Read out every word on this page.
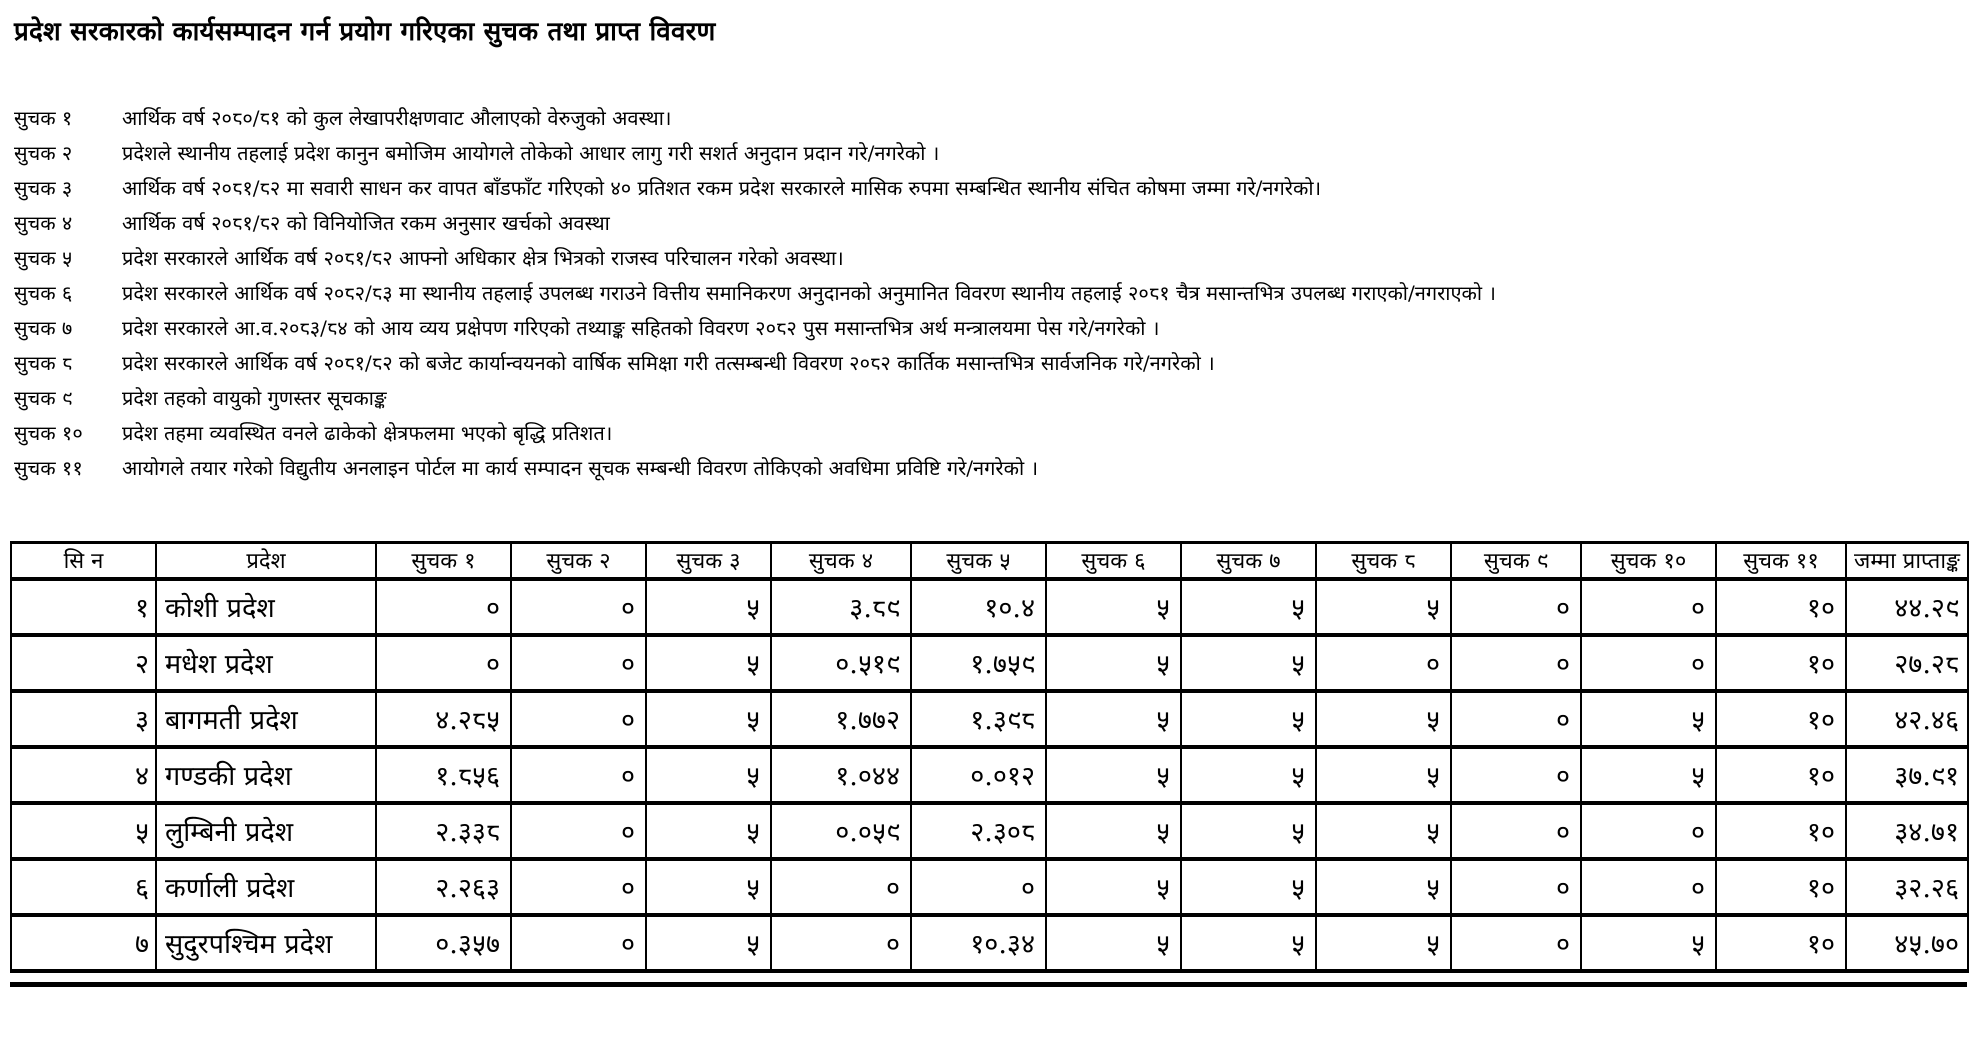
प्रदेश सरकारको कार्यसम्पादन गर्न प्रयोग गरिएका सुचक तथा प्राप्त विवरण
सुचक १	आर्थिक वर्ष २०८०/८१ को कुल लेखापरीक्षणवाट औलाएको वेरुजुको अवस्था।
सुचक २	प्रदेशले स्थानीय तहलाई प्रदेश कानुन बमोजिम आयोगले तोकेको आधार लागु गरी सशर्त अनुदान प्रदान गरे/नगरेको ।
सुचक ३	आर्थिक वर्ष २०८१/८२ मा सवारी साधन कर वापत बाँडफाँट गरिएको ४० प्रतिशत रकम प्रदेश सरकारले मासिक रुपमा सम्बन्धित स्थानीय संचित कोषमा जम्मा गरे/नगरेको।
सुचक ४	आर्थिक वर्ष २०८१/८२ को विनियोजित रकम अनुसार खर्चको अवस्था
सुचक ५	प्रदेश सरकारले आर्थिक वर्ष २०८१/८२ आफ्नो अधिकार क्षेत्र भित्रको राजस्व परिचालन गरेको अवस्था।
सुचक ६	प्रदेश सरकारले आर्थिक वर्ष २०८२/८३ मा स्थानीय तहलाई उपलब्ध गराउने वित्तीय समानिकरण अनुदानको अनुमानित विवरण स्थानीय तहलाई २०८१ चैत्र मसान्तभित्र उपलब्ध गराएको/नगराएको ।
सुचक ७	प्रदेश सरकारले आ.व.२०८३/८४ को आय व्यय प्रक्षेपण गरिएको तथ्याङ्क सहितको विवरण २०८२ पुस मसान्तभित्र अर्थ मन्त्रालयमा पेस गरे/नगरेको ।
सुचक ८	प्रदेश सरकारले आर्थिक वर्ष २०८१/८२ को बजेट कार्यान्वयनको वार्षिक समिक्षा गरी तत्सम्बन्धी विवरण २०८२ कार्तिक मसान्तभित्र सार्वजनिक गरे/नगरेको ।
सुचक ९	प्रदेश तहको वायुको गुणस्तर सूचकाङ्क
सुचक १०	प्रदेश तहमा व्यवस्थित वनले ढाकेको क्षेत्रफलमा भएको बृद्धि प्रतिशत।
सुचक ११	आयोगले तयार गरेको विद्युतीय अनलाइन पोर्टल मा कार्य सम्पादन सूचक सम्बन्धी विवरण तोकिएको अवधिमा प्रविष्टि गरे/नगरेको ।
सि न	प्रदेश	सुचक १	सुचक २	सुचक ३	सुचक ४	सुचक ५	सुचक ६	सुचक ७	सुचक ८	सुचक ९	सुचक १०	सुचक ११	जम्मा प्राप्ताङ्क
१	कोशी प्रदेश	०	०	५	३.८९	१०.४	५	५	५	०	०	१०	४४.२९
२	मधेश प्रदेश	०	०	५	०.५१९	१.७५९	५	५	०	०	०	१०	२७.२८
३	बागमती प्रदेश	४.२८५	०	५	१.७७२	१.३९८	५	५	५	०	५	१०	४२.४६
४	गण्डकी प्रदेश	१.८५६	०	५	१.०४४	०.०१२	५	५	५	०	५	१०	३७.९१
५	लुम्बिनी प्रदेश	२.३३८	०	५	०.०५९	२.३०८	५	५	५	०	०	१०	३४.७१
६	कर्णाली प्रदेश	२.२६३	०	५	०	०	५	५	५	०	०	१०	३२.२६
७	सुदुरपश्चिम प्रदेश	०.३५७	०	५	०	१०.३४	५	५	५	०	५	१०	४५.७०
